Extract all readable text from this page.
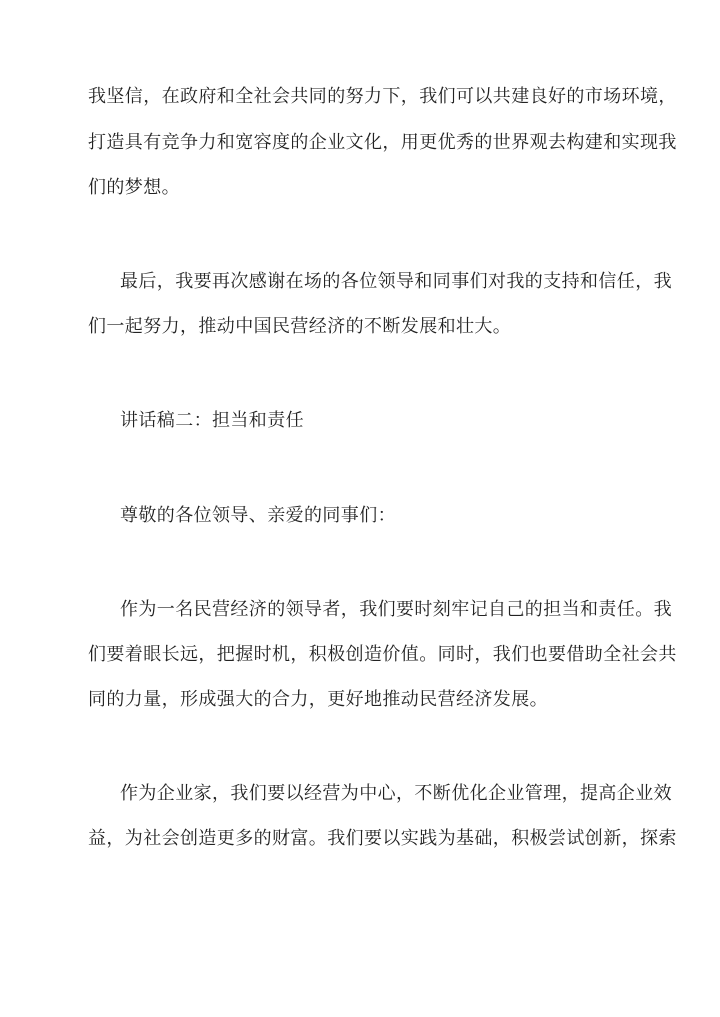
我坚信，在政府和全社会共同的努力下，我们可以共建良好的市场环境，
打造具有竞争力和宽容度的企业文化，用更优秀的世界观去构建和实现我
们的梦想。
最后，我要再次感谢在场的各位领导和同事们对我的支持和信任，我
们一起努力，推动中国民营经济的不断发展和壮大。
讲话稿二：担当和责任
尊敬的各位领导、亲爱的同事们：
作为一名民营经济的领导者，我们要时刻牢记自己的担当和责任。我
们要着眼长远，把握时机，积极创造价值。同时，我们也要借助全社会共
同的力量，形成强大的合力，更好地推动民营经济发展。
作为企业家，我们要以经营为中心，不断优化企业管理，提高企业效
益，为社会创造更多的财富。我们要以实践为基础，积极尝试创新，探索
